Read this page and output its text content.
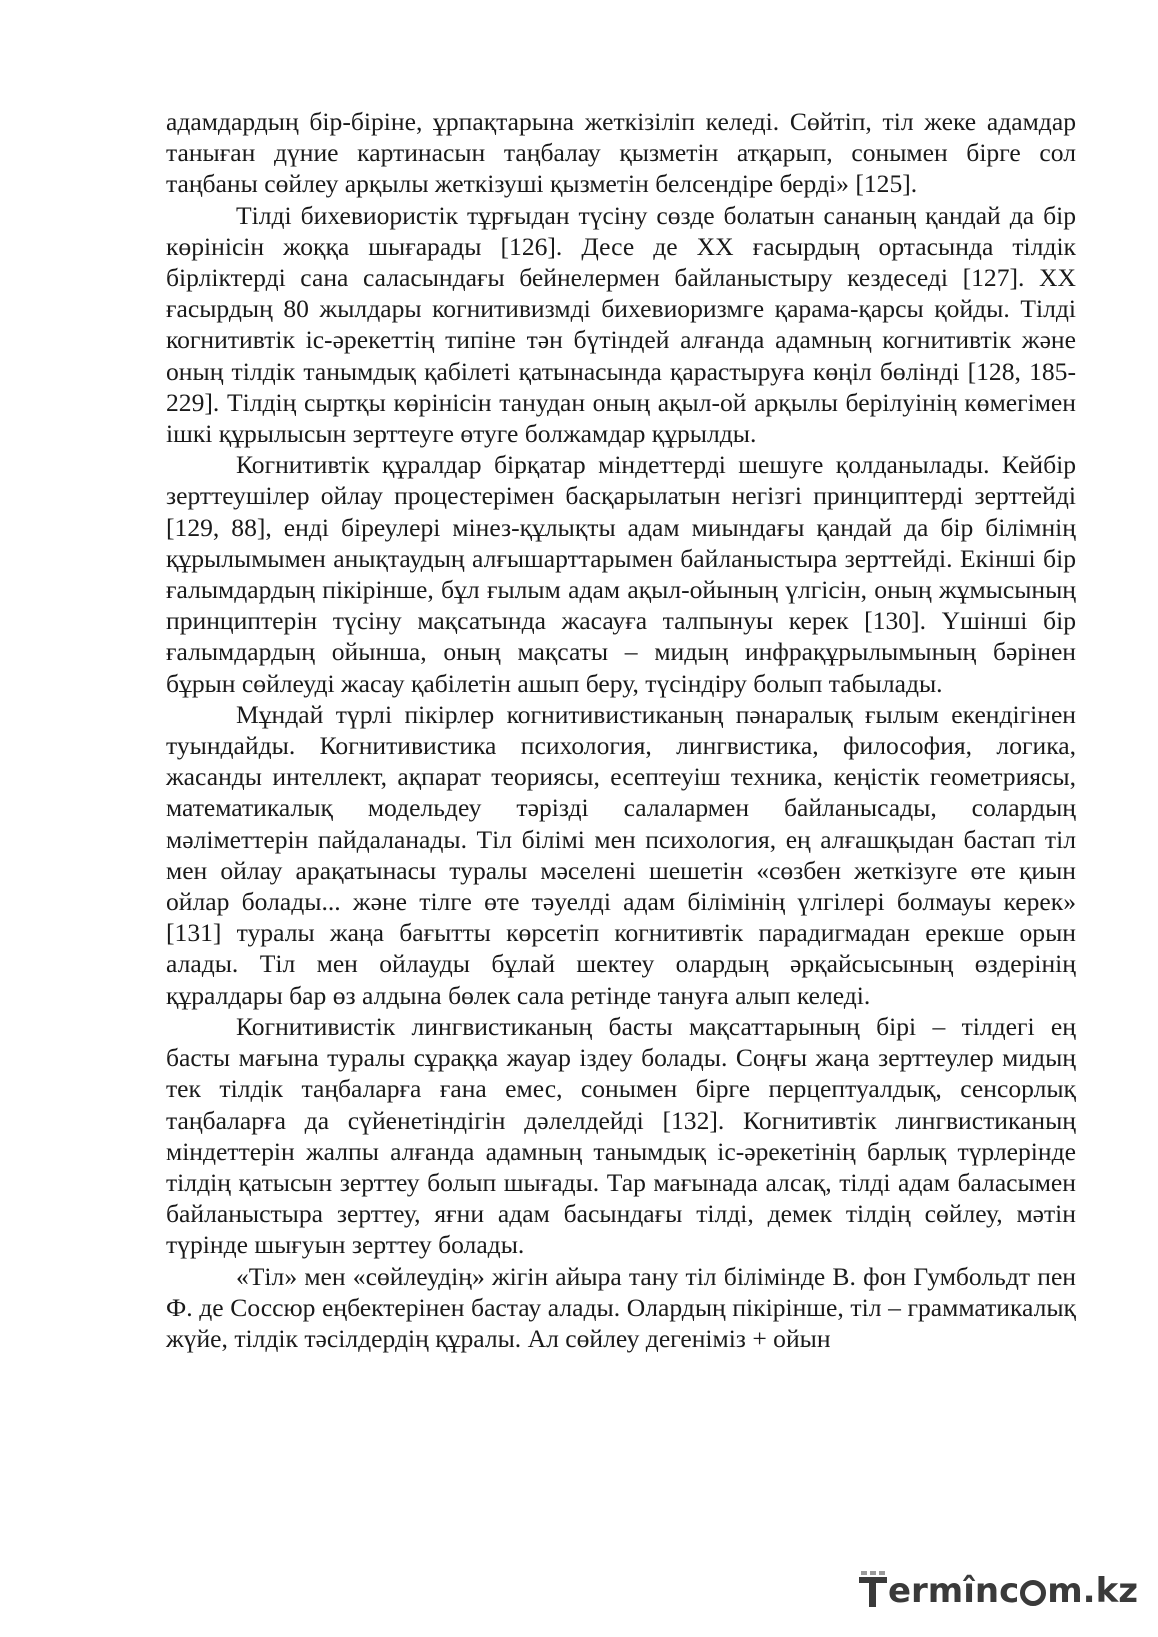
адамдардың бір-біріне, ұрпақтарына жеткізіліп келеді. Сөйтіп, тіл жеке адамдар таныған дүние картинасын таңбалау қызметін атқарып, сонымен бірге сол таңбаны сөйлеу арқылы жеткізуші қызметін белсендіре берді» [125].

Тілді бихевиористік тұрғыдан түсіну сөзде болатын сананың қандай да бір көрінісін жоққа шығарады [126]. Десе де ХХ ғасырдың ортасында тілдік бірліктерді сана саласындағы бейнелермен байланыстыру кездеседі [127]. ХХ ғасырдың 80 жылдары когнитивизмді бихевиоризмге қарама-қарсы қойды. Тілді когнитивтік іс-әрекеттің типіне тән бүтіндей алғанда адамның когнитивтік және оның тілдік танымдық қабілеті қатынасында қарастыруға көңіл бөлінді [128, 185-229]. Тілдің сыртқы көрінісін танудан оның ақыл-ой арқылы берілуінің көмегімен ішкі құрылысын зерттеуге өтуге болжамдар құрылды.

Когнитивтік құралдар бірқатар міндеттерді шешуге қолданылады. Кейбір зерттеушілер ойлау процестерімен басқарылатын негізгі принциптерді зерттейді [129, 88], енді біреулері мінез-құлықты адам миындағы қандай да бір білімнің құрылымымен анықтаудың алғышарттарымен байланыстыра зерттейді. Екінші бір ғалымдардың пікірінше, бұл ғылым адам ақыл-ойының үлгісін, оның жұмысының принциптерін түсіну мақсатында жасауға талпынуы керек [130]. Үшінші бір ғалымдардың ойынша, оның мақсаты – мидың инфрақұрылымының бәрінен бұрын сөйлеуді жасау қабілетін ашып беру, түсіндіру болып табылады.

Мұндай түрлі пікірлер когнитивистиканың пәнаралық ғылым екендігінен туындайды. Когнитивистика психология, лингвистика, философия, логика, жасанды интеллект, ақпарат теориясы, есептеуіш техника, кеңістік геометриясы, математикалық модельдеу тәрізді салалармен байланысады, солардың мәліметтерін пайдаланады. Тіл білімі мен психология, ең алғашқыдан бастап тіл мен ойлау арақатынасы туралы мәселені шешетін «сөзбен жеткізуге өте қиын ойлар болады... және тілге өте тәуелді адам білімінің үлгілері болмауы керек» [131] туралы жаңа бағытты көрсетіп когнитивтік парадигмадан ерекше орын алады. Тіл мен ойлауды бұлай шектеу олардың әрқайсысының өздерінің құралдары бар өз алдына бөлек сала ретінде тануға алып келеді.

Когнитивистік лингвистиканың басты мақсаттарының бірі – тілдегі ең басты мағына туралы сұраққа жауар іздеу болады. Соңғы жаңа зерттеулер мидың тек тілдік таңбаларға ғана емес, сонымен бірге перцептуалдық, сенсорлық таңбаларға да сүйенетіндігін дәлелдейді [132]. Когнитивтік лингвистиканың міндеттерін жалпы алғанда адамның танымдық іс-әрекетінің барлық түрлерінде тілдің қатысын зерттеу болып шығады. Тар мағынада алсақ, тілді адам баласымен байланыстыра зерттеу, яғни адам басындағы тілді, демек тілдің сөйлеу, мәтін түрінде шығуын зерттеу болады.

«Тіл» мен «сөйлеудің» жігін айыра тану тіл білімінде В. фон Гумбольдт пен Ф. де Соссюр еңбектерінен бастау алады. Олардың пікірінше, тіл – грамматикалық жүйе, тілдік тәсілдердің құралы. Ал сөйлеу дегеніміз + ойын

ermînc m.kz
